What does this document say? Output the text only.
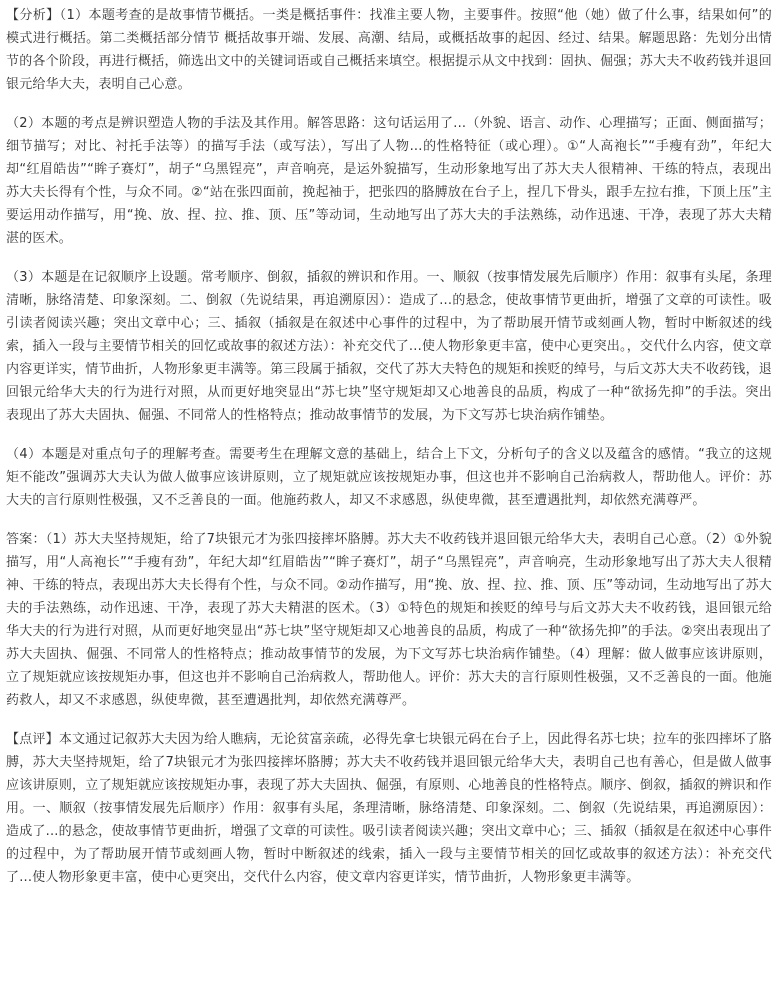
【分析】（1）本题考查的是故事情节概括。一类是概括事件：找准主要人物，主要事件。按照“他（她）做了什么事，结果如何”的模式进行概括。第二类概括部分情节 概括故事开端、发展、高潮、结局，或概括故事的起因、经过、结果。解题思路：先划分出情节的各个阶段，再进行概括，筛选出文中的关键词语或自己概括来填空。根据提示从文中找到：固执、倔强；苏大夫不收药钱并退回银元给华大夫，表明自己心意。

（2）本题的考点是辨识塑造人物的手法及其作用。解答思路：这句话运用了...（外貌、语言、动作、心理描写；正面、侧面描写；细节描写；对比、衬托手法等）的描写手法（或写法），写出了人物...的性格特征（或心理）。①“人高袍长”“手瘦有劲”，年纪大却“红眉皓齿”“眸子赛灯”，胡子“乌黑锃亮”，声音响亮，是运外貌描写，生动形象地写出了苏大夫人很精神、干练的特点，表现出苏大夫长得有个性，与众不同。②“站在张四面前，挽起袖于，把张四的胳膊放在台子上，捏几下骨头，跟手左拉右推，下顶上压”主要运用动作描写，用“挽、放、捏、拉、推、顶、压”等动词，生动地写出了苏大夫的手法熟练，动作迅速、干净，表现了苏大夫精湛的医术。

（3）本题是在记叙顺序上设题。常考顺序、倒叙，插叙的辨识和作用。一、顺叙（按事情发展先后顺序）作用：叙事有头尾，条理清晰，脉络清楚、印象深刻。二、倒叙（先说结果，再追溯原因）：造成了...的悬念，使故事情节更曲折，增强了文章的可读性。吸引读者阅读兴趣；突出文章中心；三、插叙（插叙是在叙述中心事件的过程中，为了帮助展开情节或刻画人物，暂时中断叙述的线索，插入一段与主要情节相关的回忆或故事的叙述方法）：补充交代了...使人物形象更丰富，使中心更突出。，交代什么内容，使文章内容更详实，情节曲折，人物形象更丰满等。第三段属于插叙，交代了苏大夫特色的规矩和挨贬的绰号，与后文苏大夫不收药钱，退回银元给华大夫的行为进行对照，从而更好地突显出“苏七块”坚守规矩却又心地善良的品质，构成了一种“欲扬先抑”的手法。突出表现出了苏大夫固执、倔强、不同常人的性格特点；推动故事情节的发展，为下文写苏七块治病作铺垫。

（4）本题是对重点句子的理解考查。需要考生在理解文意的基础上，结合上下文，分析句子的含义以及蕴含的感情。“我立的这规矩不能改”强调苏大夫认为做人做事应该讲原则，立了规矩就应该按规矩办事，但这也并不影响自己治病救人，帮助他人。评价：苏大夫的言行原则性极强，又不乏善良的一面。他施药救人，却又不求感恩，纵使卑微，甚至遭遇批判，却依然充满尊严。

答案：（1）苏大夫坚持规矩，给了7块银元才为张四接摔坏胳膊。苏大夫不收药钱并退回银元给华大夫，表明自己心意。（2）①外貌描写，用“人高袍长”“手瘦有劲”，年纪大却“红眉皓齿”“眸子赛灯”，胡子“乌黑锃亮”，声音响亮，生动形象地写出了苏大夫人很精神、干练的特点，表现出苏大夫长得有个性，与众不同。②动作描写，用“挽、放、捏、拉、推、顶、压”等动词，生动地写出了苏大夫的手法熟练，动作迅速、干净，表现了苏大夫精湛的医术。（3）①特色的规矩和挨贬的绰号与后文苏大夫不收药钱，退回银元给华大夫的行为进行对照，从而更好地突显出“苏七块”坚守规矩却又心地善良的品质，构成了一种“欲扬先抑”的手法。②突出表现出了苏大夫固执、倔强、不同常人的性格特点；推动故事情节的发展，为下文写苏七块治病作铺垫。（4）理解：做人做事应该讲原则，立了规矩就应该按规矩办事，但这也并不影响自己治病救人，帮助他人。评价：苏大夫的言行原则性极强，又不乏善良的一面。他施药救人，却又不求感恩，纵使卑微，甚至遭遇批判，却依然充满尊严。

【点评】本文通过记叙苏大夫因为给人瞧病，无论贫富亲疏，必得先拿七块银元码在台子上，因此得名苏七块；拉车的张四摔坏了胳膊，苏大夫坚持规矩，给了7块银元才为张四接摔坏胳膊；苏大夫不收药钱并退回银元给华大夫，表明自己也有善心，但是做人做事应该讲原则，立了规矩就应该按规矩办事，表现了苏大夫固执、倔强，有原则、心地善良的性格特点。顺序、倒叙，插叙的辨识和作用。一、顺叙（按事情发展先后顺序）作用：叙事有头尾，条理清晰，脉络清楚、印象深刻。二、倒叙（先说结果，再追溯原因）：造成了...的悬念，使故事情节更曲折，增强了文章的可读性。吸引读者阅读兴趣；突出文章中心；三、插叙（插叙是在叙述中心事件的过程中，为了帮助展开情节或刻画人物，暂时中断叙述的线索，插入一段与主要情节相关的回忆或故事的叙述方法）：补充交代了...使人物形象更丰富，使中心更突出，交代什么内容，使文章内容更详实，情节曲折，人物形象更丰满等。
